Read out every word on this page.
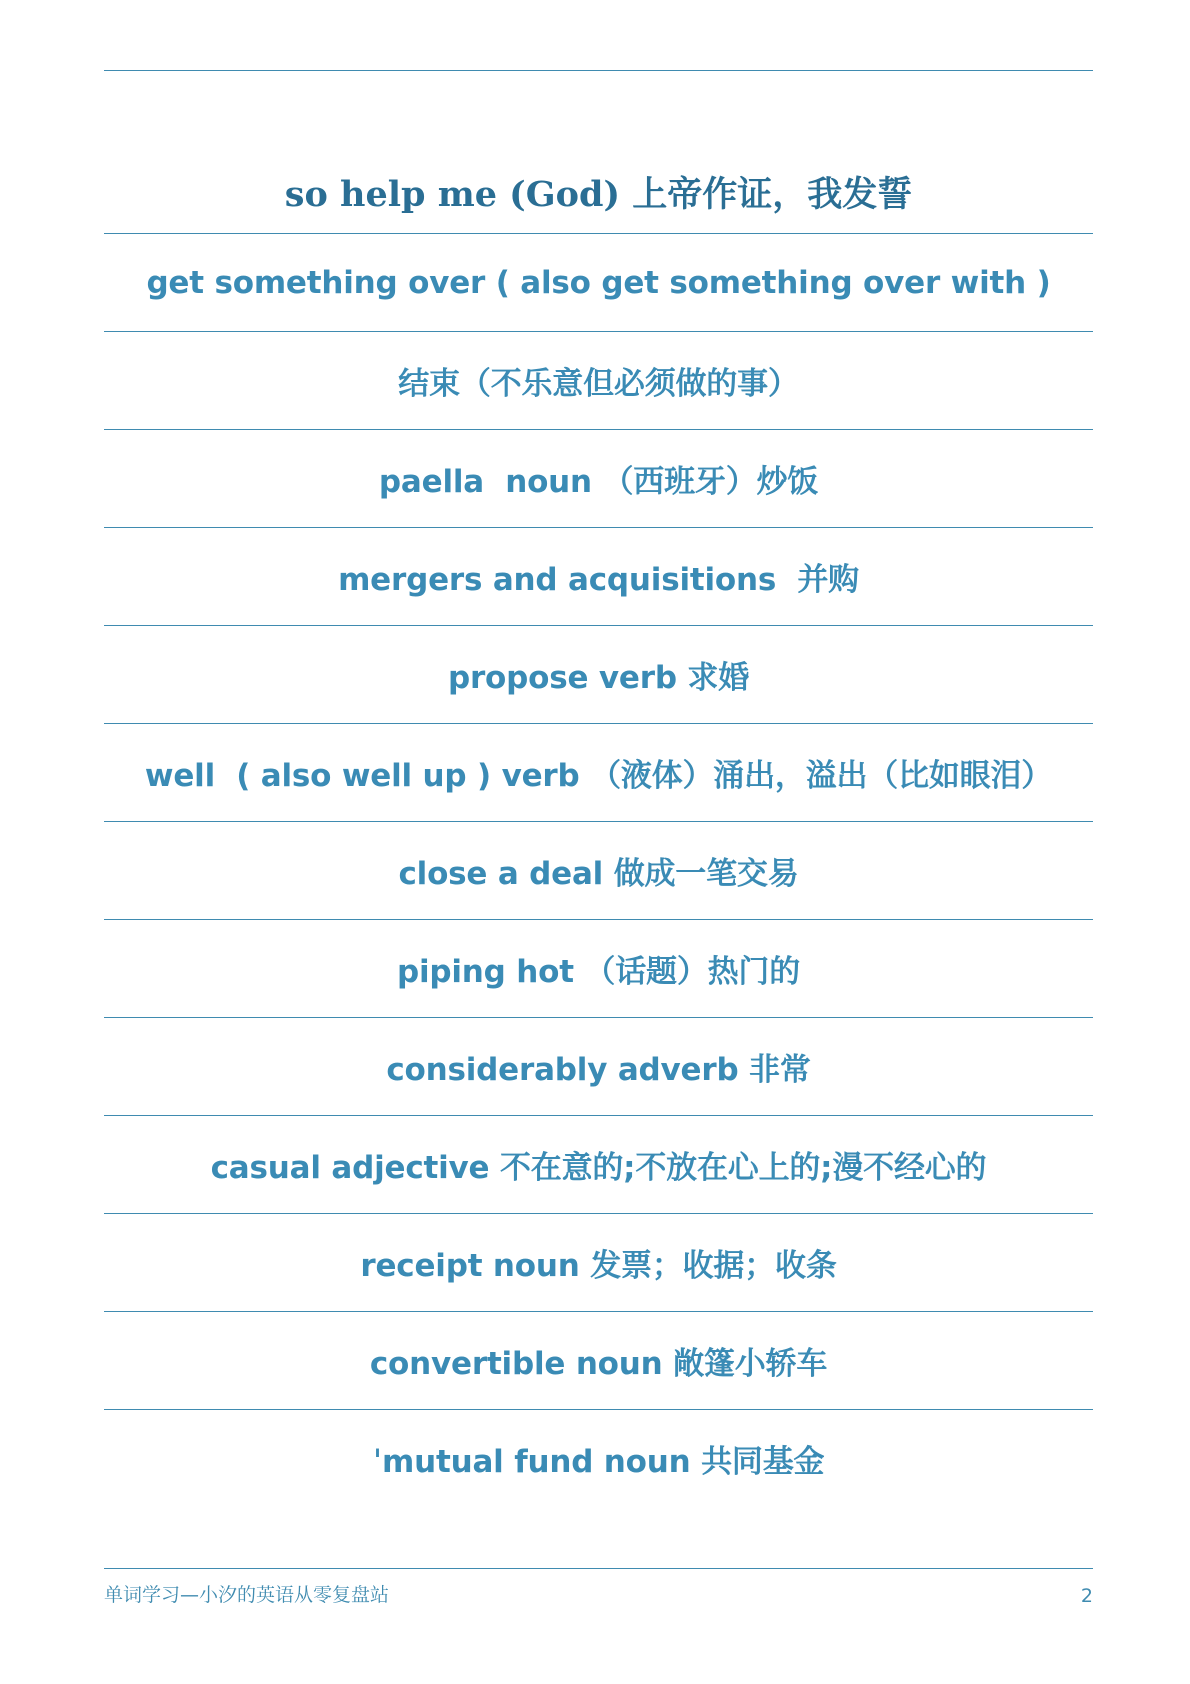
so help me (God) 上帝作证，我发誓
get something over ( also get something over with )
结束（不乐意但必须做的事）
paella  noun （西班牙）炒饭
mergers and acquisitions  并购
propose verb 求婚
well  ( also well up ) verb （液体）涌出，溢出（比如眼泪）
close a deal 做成一笔交易
piping hot （话题）热门的
considerably adverb 非常
casual adjective 不在意的;不放在心上的;漫不经心的
receipt noun 发票；收据；收条
convertible noun 敞篷小轿车
ˈmutual fund noun 共同基金
单词学习—小汐的英语从零复盘站	2
